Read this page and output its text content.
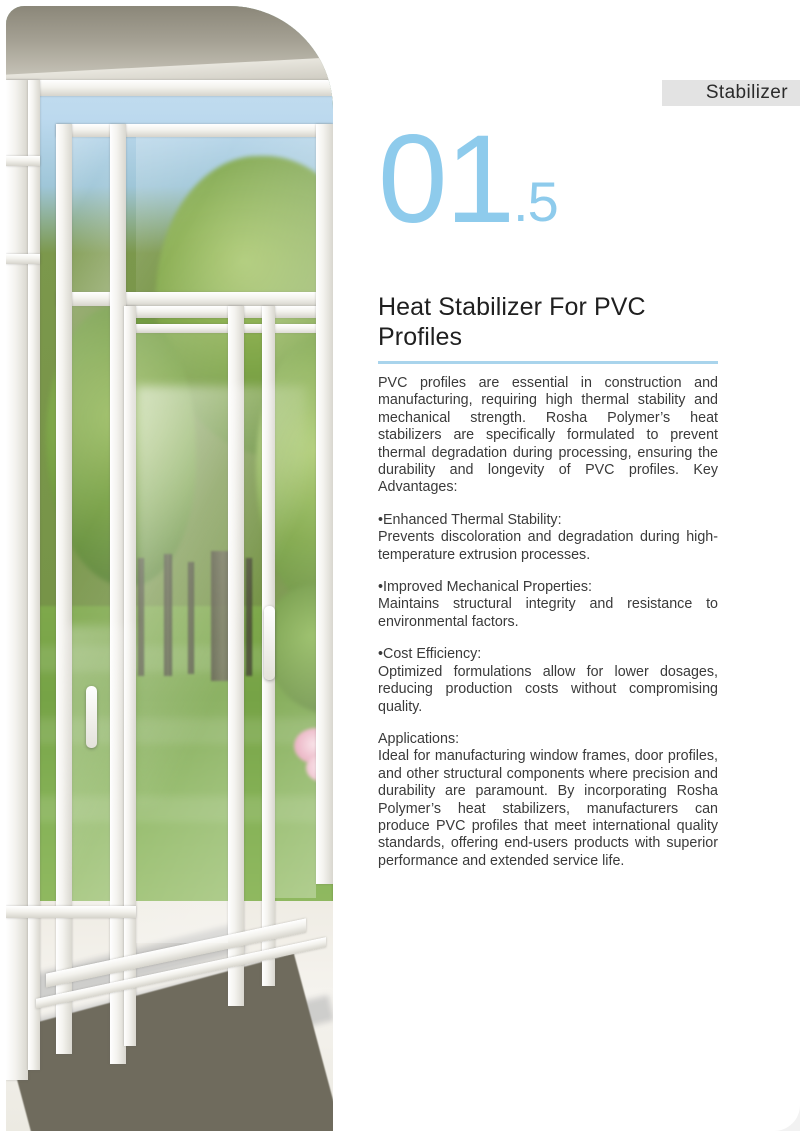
Stabilizer
01 .5
Heat Stabilizer For PVC Profiles

PVC profiles are essential in construction and manufacturing, requiring high thermal stability and mechanical strength. Rosha Polymer’s heat stabilizers are specifically formulated to prevent thermal degradation during processing, ensuring the durability and longevity of PVC profiles. Key Advantages:

•Enhanced Thermal Stability:
Prevents discoloration and degradation during high-temperature extrusion processes.

•Improved Mechanical Properties:
Maintains structural integrity and resistance to environmental factors.

•Cost Efficiency:
Optimized formulations allow for lower dosages, reducing production costs without compromising quality.

Applications:
Ideal for manufacturing window frames, door profiles, and other structural components where precision and durability are paramount. By incorporating Rosha Polymer’s heat stabilizers, manufacturers can produce PVC profiles that meet international quality standards, offering end-users products with superior performance and extended service life.
